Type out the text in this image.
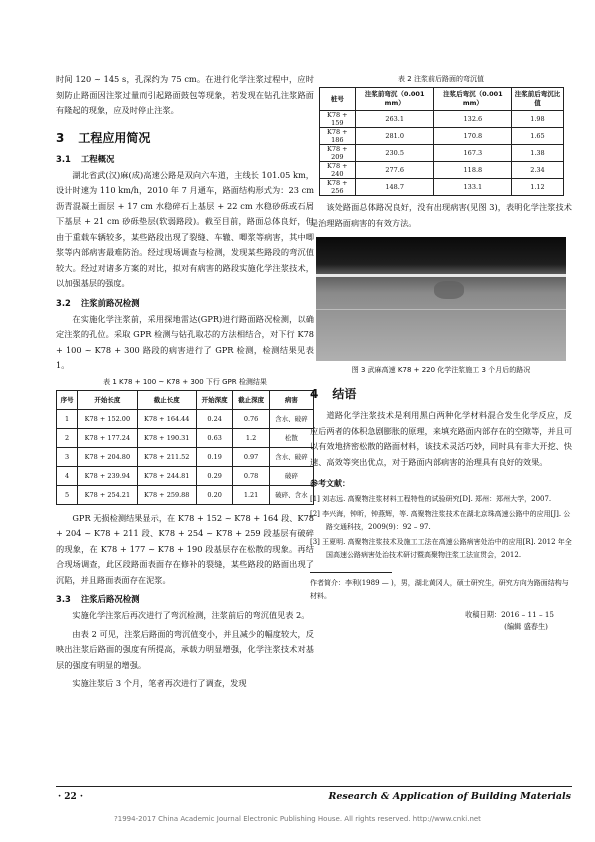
时间 120 ~ 145 s，孔深约为 75 cm。在进行化学注浆过程中，应时刻防止路面因注浆过量而引起路面鼓包等现象，若发现在钻孔注浆路面有隆起的现象，应及时停止注浆。

3 工程应用简况
3.1 工程概况

湖北省武(汉)麻(成)高速公路是双向六车道，主线长 101.05 km，设计时速为 110 km/h，2010 年 7 月通车，路面结构形式为：23 cm 沥青混凝土面层 + 17 cm 水稳碎石上基层 + 22 cm 水稳砂砾或石屑下基层 + 21 cm 砂砾垫层(软弱路段)。截至目前，路面总体良好，但由于重载车辆较多，某些路段出现了裂缝、车辙、唧浆等病害，其中唧浆等内部病害最难防治。经过现场调查与检测，发现某些路段的弯沉值较大。经过对诸多方案的对比，拟对有病害的路段实施化学注浆技术，以加强基层的强度。

3.2 注浆前路况检测

在实施化学注浆前，采用探地雷达(GPR)进行路面路况检测，以确定注浆的孔位。采取 GPR 检测与钻孔取芯的方法相结合，对下行 K78 + 100 ~ K78 + 300 路段的病害进行了 GPR 检测，检测结果见表 1。

表 1 K78 + 100 ~ K78 + 300 下行 GPR 检测结果
序号	开始长度	截止长度	开始深度	截止深度	病害
1	K78 + 152.00	K78 + 164.44	0.24	0.76	含水、破碎
2	K78 + 177.24	K78 + 190.31	0.63	1.2	松散
3	K78 + 204.80	K78 + 211.52	0.19	0.97	含水、破碎
4	K78 + 239.94	K78 + 244.81	0.29	0.78	破碎
5	K78 + 254.21	K78 + 259.88	0.20	1.21	破碎、含水

GPR 无损检测结果显示，在 K78 + 152 ~ K78 + 164 段、K78 + 204 ~ K78 + 211 段、K78 + 254 ~ K78 + 259 段基层有破碎的现象，在 K78 + 177 ~ K78 + 190 段基层存在松散的现象。再结合现场调查，此区段路面表面存在修补的裂缝，某些路段的路面出现了沉陷，并且路面表面存在泥浆。

3.3 注浆后路况检测

实施化学注浆后再次进行了弯沉检测，注浆前后的弯沉值见表 2。

由表 2 可见，注浆后路面的弯沉值变小，并且减少的幅度较大，反映出注浆后路面的强度有所提高，承载力明显增强，化学注浆技术对基层的强度有明显的增强。

实施注浆后 3 个月，笔者再次进行了调查，发现

表 2 注浆前后路面的弯沉值
桩号	注浆前弯沉（0.001 mm）	注浆后弯沉（0.001 mm）	注浆前后弯沉比值
K78 + 159	263.1	132.6	1.98
K78 + 186	281.0	170.8	1.65
K78 + 209	230.5	167.3	1.38
K78 + 240	277.6	118.8	2.34
K78 + 256	148.7	133.1	1.12

该处路面总体路况良好，没有出现病害(见图 3)，表明化学注浆技术是治理路面病害的有效方法。

图 3 武麻高速 K78 + 220 化学注浆施工 3 个月后的路况
4 结语

道路化学注浆技术是利用黑白两种化学材料混合发生化学反应，反应后两者的体积急剧膨胀的原理，来填充路面内部存在的空隙等，并且可以有效地挤密松散的路面材料，该技术灵活巧妙，同时具有非大开挖、快速、高效等突出优点，对于路面内部病害的治理具有良好的效果。

参考文献：
[1] 刘志远. 高聚物注浆材料工程特性的试验研究[D]. 郑州：郑州大学，2007.
[2] 李兴海，钟昕，钟燕辉，等. 高聚物注浆技术在湖北京珠高速公路中的应用[J]. 公路交通科技，2009(9)：92 – 97.
[3] 王夏明. 高聚物注浆技术及施工工法在高速公路病害处治中的应用[R]. 2012 年全国高速公路病害处治技术研讨暨高聚物注浆工法宣贯会，2012.
作者简介：李利(1989 — )，男，湖北黄冈人，硕士研究生，研究方向为路面结构与材料。
收稿日期：2016 – 11 – 15
(编辑 盛春生)
· 22 ·	Research & Application of Building Materials
?1994-2017 China Academic Journal Electronic Publishing House. All rights reserved. http://www.cnki.net
